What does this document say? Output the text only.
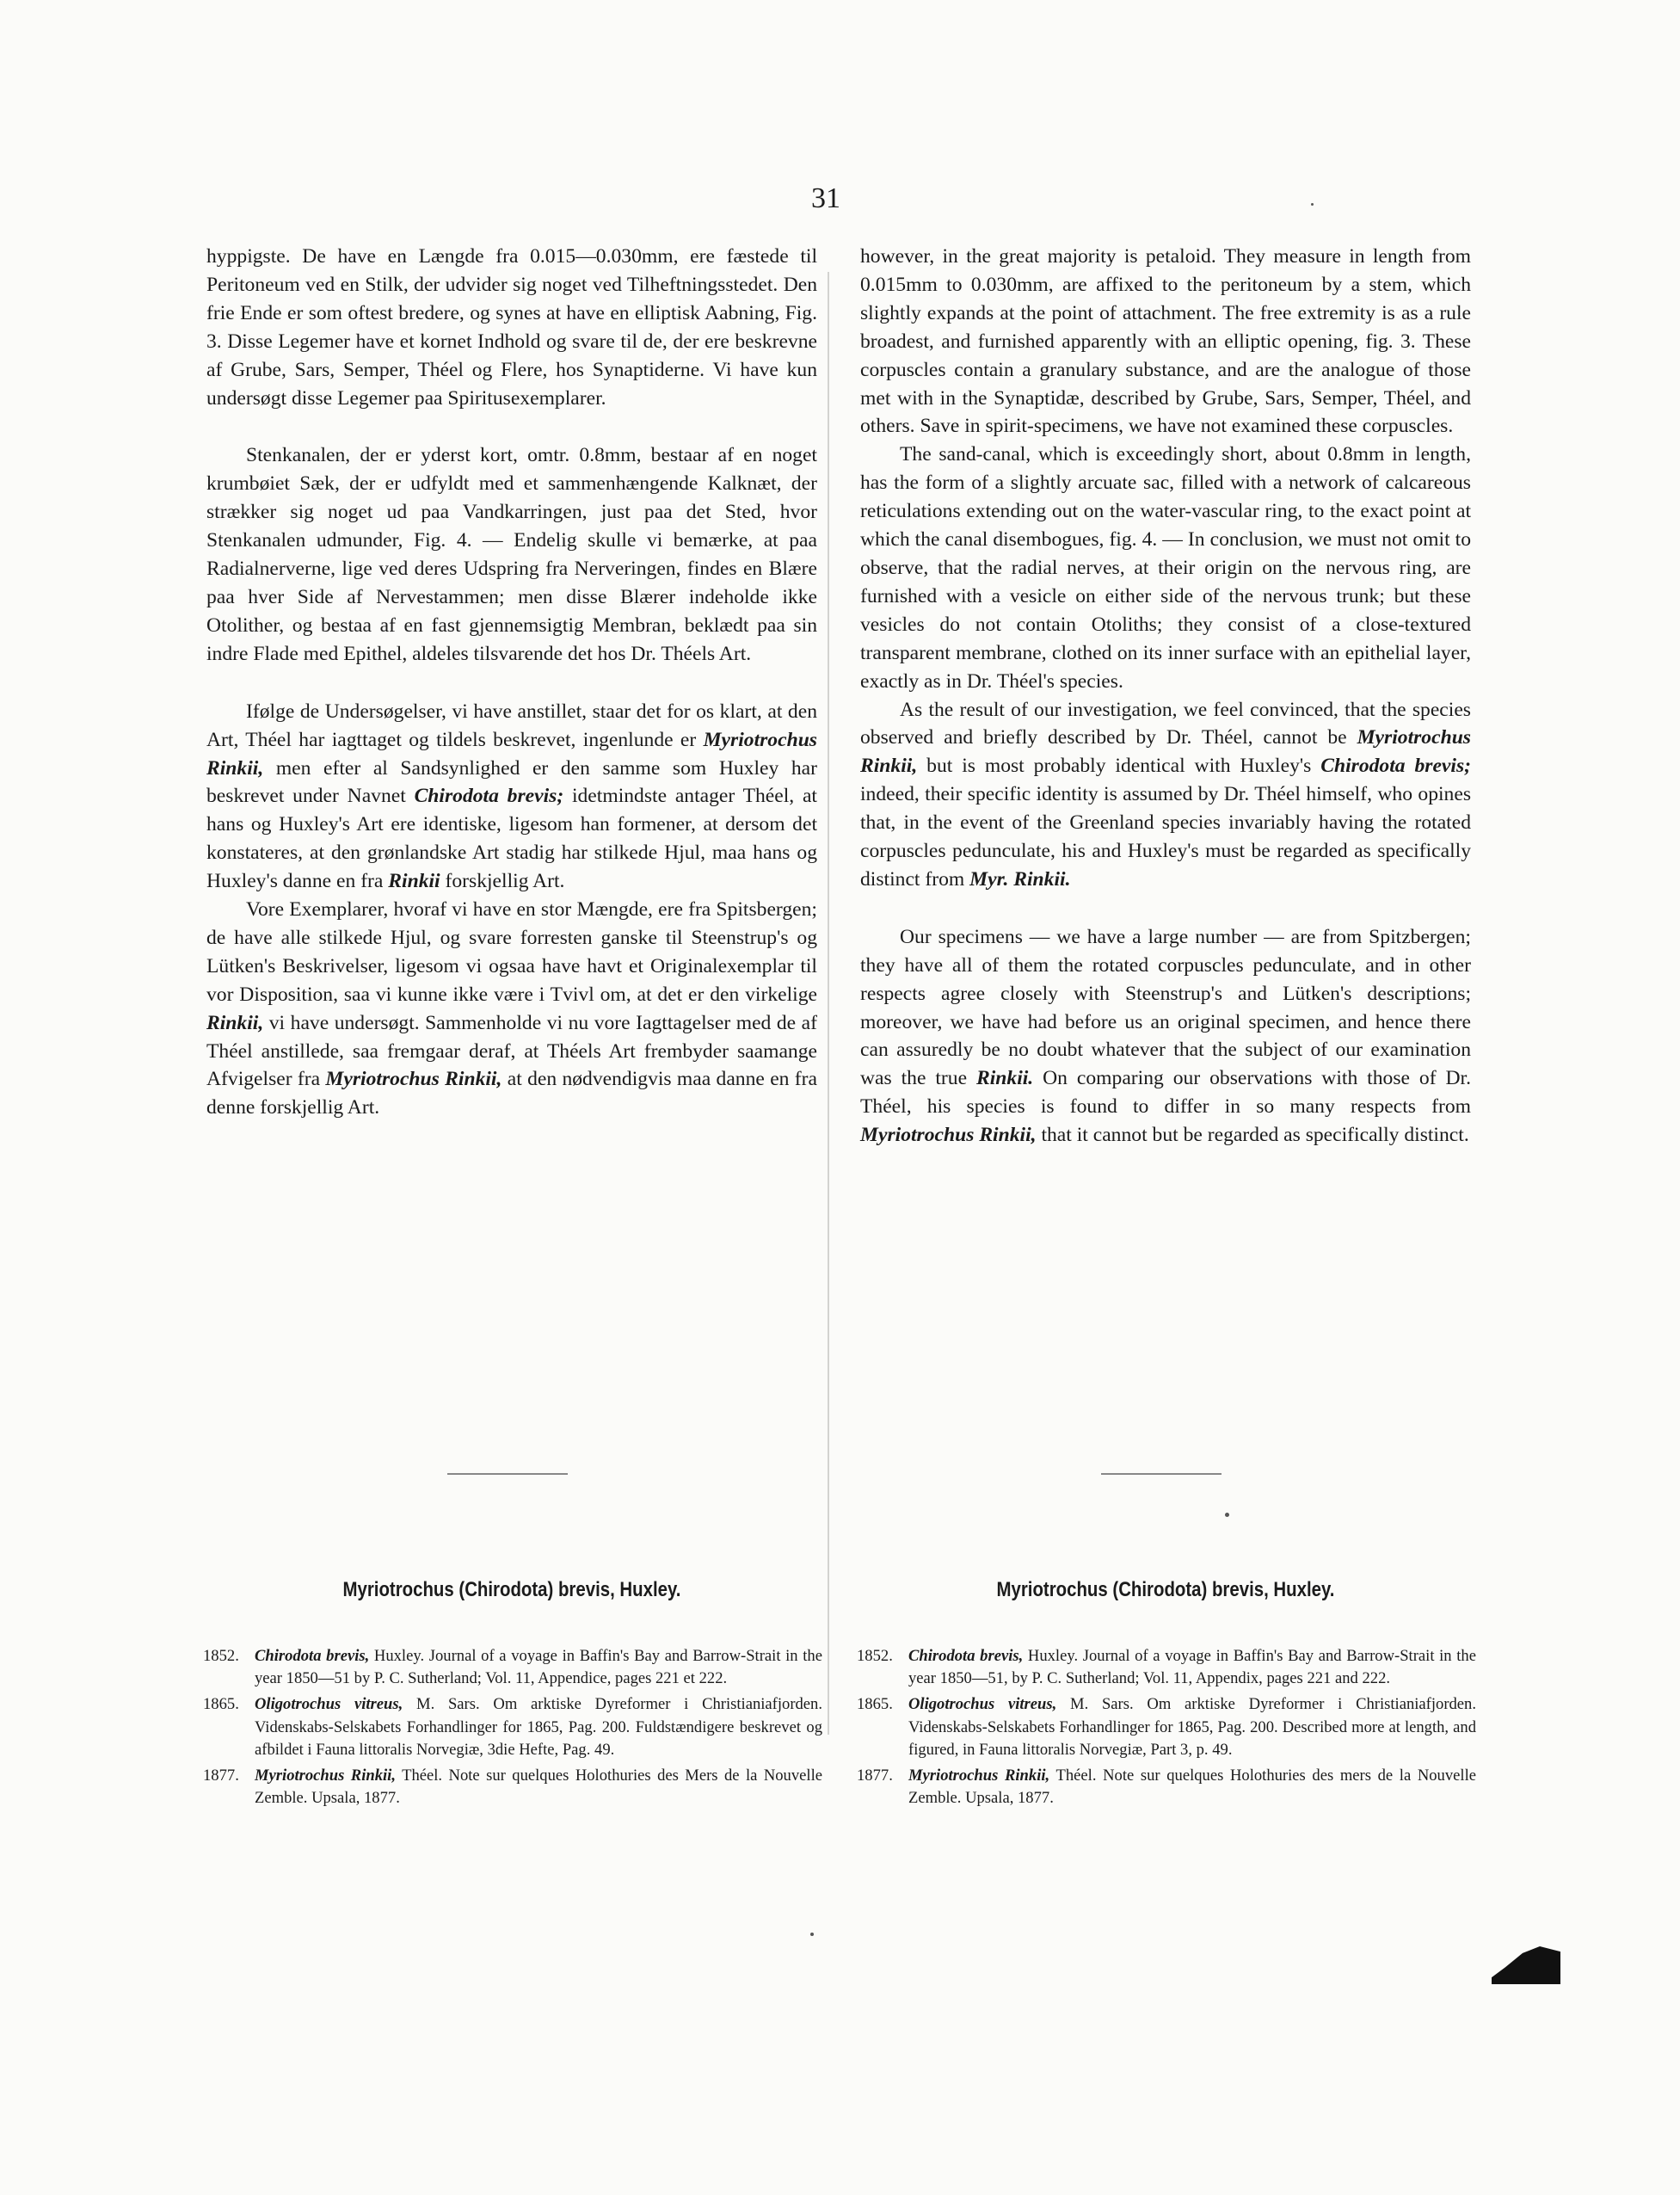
31

hyppigste. De have en Længde fra 0.015—0.030mm, ere fæstede til Peritoneum ved en Stilk, der udvider sig noget ved Tilheftningsstedet. Den frie Ende er som oftest bredere, og synes at have en elliptisk Aabning, Fig. 3. Disse Legemer have et kornet Indhold og svare til de, der ere beskrevne af Grube, Sars, Semper, Théel og Flere, hos Synaptiderne. Vi have kun undersøgt disse Legemer paa Spiritusexemplarer.

Stenkanalen, der er yderst kort, omtr. 0.8mm, bestaar af en noget krumbøiet Sæk, der er udfyldt med et sammenhængende Kalknæt, der strækker sig noget ud paa Vandkarringen, just paa det Sted, hvor Stenkanalen udmunder, Fig. 4. — Endelig skulle vi bemærke, at paa Radialnerverne, lige ved deres Udspring fra Nerveringen, findes en Blære paa hver Side af Nervestammen; men disse Blærer indeholde ikke Otolither, og bestaa af en fast gjennemsigtig Membran, beklædt paa sin indre Flade med Epithel, aldeles tilsvarende det hos Dr. Théels Art.

Ifølge de Undersøgelser, vi have anstillet, staar det for os klart, at den Art, Théel har iagttaget og tildels beskrevet, ingenlunde er Myriotrochus Rinkii, men efter al Sandsynlighed er den samme som Huxley har beskrevet under Navnet Chirodota brevis; idetmindste antager Théel, at hans og Huxley's Art ere identiske, ligesom han formener, at dersom det konstateres, at den grønlandske Art stadig har stilkede Hjul, maa hans og Huxley's danne en fra Rinkii forskjellig Art.

Vore Exemplarer, hvoraf vi have en stor Mængde, ere fra Spitsbergen; de have alle stilkede Hjul, og svare forresten ganske til Steenstrup's og Lütken's Beskrivelser, ligesom vi ogsaa have havt et Originalexemplar til vor Disposition, saa vi kunne ikke være i Tvivl om, at det er den virkelige Rinkii, vi have undersøgt. Sammenholde vi nu vore Iagttagelser med de af Théel anstillede, saa fremgaar deraf, at Théels Art frembyder saamange Afvigelser fra Myriotrochus Rinkii, at den nødvendigvis maa danne en fra denne forskjellig Art.

however, in the great majority is petaloid. They measure in length from 0.015mm to 0.030mm, are affixed to the peritoneum by a stem, which slightly expands at the point of attachment. The free extremity is as a rule broadest, and furnished apparently with an elliptic opening, fig. 3. These corpuscles contain a granulary substance, and are the analogue of those met with in the Synaptidæ, described by Grube, Sars, Semper, Théel, and others. Save in spirit-specimens, we have not examined these corpuscles.

The sand-canal, which is exceedingly short, about 0.8mm in length, has the form of a slightly arcuate sac, filled with a network of calcareous reticulations extending out on the water-vascular ring, to the exact point at which the canal disembogues, fig. 4. — In conclusion, we must not omit to observe, that the radial nerves, at their origin on the nervous ring, are furnished with a vesicle on either side of the nervous trunk; but these vesicles do not contain Otoliths; they consist of a close-textured transparent membrane, clothed on its inner surface with an epithelial layer, exactly as in Dr. Théel's species.

As the result of our investigation, we feel convinced, that the species observed and briefly described by Dr. Théel, cannot be Myriotrochus Rinkii, but is most probably identical with Huxley's Chirodota brevis; indeed, their specific identity is assumed by Dr. Théel himself, who opines that, in the event of the Greenland species invariably having the rotated corpuscles pedunculate, his and Huxley's must be regarded as specifically distinct from Myr. Rinkii.

Our specimens — we have a large number — are from Spitzbergen; they have all of them the rotated corpuscles pedunculate, and in other respects agree closely with Steenstrup's and Lütken's descriptions; moreover, we have had before us an original specimen, and hence there can assuredly be no doubt whatever that the subject of our examination was the true Rinkii. On comparing our observations with those of Dr. Théel, his species is found to differ in so many respects from Myriotrochus Rinkii, that it cannot but be regarded as specifically distinct.

Myriotrochus (Chirodota) brevis, Huxley.	Myriotrochus (Chirodota) brevis, Huxley.
1852. Chirodota brevis, Huxley. Journal of a voyage in Baffin's Bay and Barrow-Strait in the year 1850—51 by P. C. Sutherland; Vol. 11, Appendice, pages 221 et 222.
1865. Oligotrochus vitreus, M. Sars. Om arktiske Dyreformer i Christianiafjorden. Videnskabs-Selskabets Forhandlinger for 1865, Pag. 200. Fuldstændigere beskrevet og afbildet i Fauna littoralis Norvegiæ, 3die Hefte, Pag. 49.
1877. Myriotrochus Rinkii, Théel. Note sur quelques Holothuries des Mers de la Nouvelle Zemble. Upsala, 1877.
1852. Chirodota brevis, Huxley. Journal of a voyage in Baffin's Bay and Barrow-Strait in the year 1850—51, by P. C. Sutherland; Vol. 11, Appendix, pages 221 and 222.
1865. Oligotrochus vitreus, M. Sars. Om arktiske Dyreformer i Christianiafjorden. Videnskabs-Selskabets Forhandlinger for 1865, Pag. 200. Described more at length, and figured, in Fauna littoralis Norvegiæ, Part 3, p. 49.
1877. Myriotrochus Rinkii, Théel. Note sur quelques Holothuries des mers de la Nouvelle Zemble. Upsala, 1877.
